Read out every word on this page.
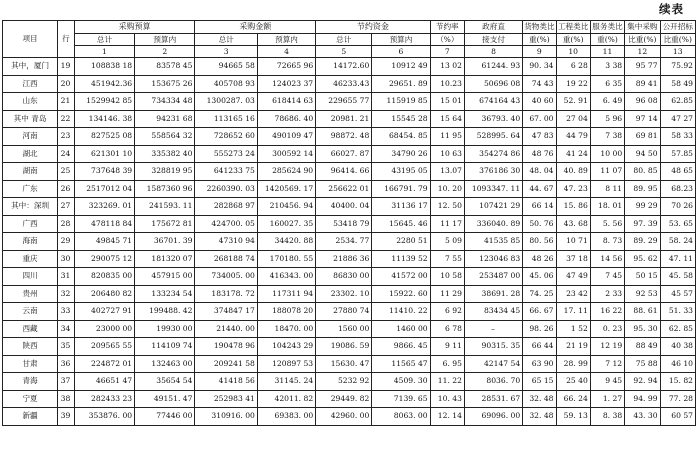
续表
项目	行	采购预算		采购金额		节约资金		节约率	政府直	货物类比	工程类比	服务类比	集中采购	公开招标
		总计	预算内	总计	预算内	总计	预算内	（%）	接支付	重(%)	重(%)	重(%)	比重(%)	比重(%)
		1	2	3	4	5	6	7	8	9	10	11	12	13
其中，厦门	19	108838 18	83578 45	94665 58	72665 96	14172.60	10912 49	13 02	61244. 93	90. 34	6 28	3 38	95 77	75.92
江西	20	451942.36	153675 26	405708 93	124023 37	46233.43	29651. 89	10.23	50696 08	74 43	19 22	6 35	89 41	58 49
山东	21	1529942 85	734334 48	1300287. 03	618414 63	229655 77	115919 85	15 01	674164 43	40 60	52. 91	6. 49	96 08	62.85
其中 青岛	22	134146. 38	94231 68	113165 16	78686. 40	20981. 21	15545 28	15 64	36793. 40	67. 00	27 04	5 96	97 14	47 27
河南	23	827525 08	558564 32	728652 60	490109 47	98872. 48	68454. 85	11 95	528995. 64	47 83	44 79	7 38	69 81	58 33
湖北	24	621301 10	335382 40	555273 24	300592 14	66027. 87	34790 26	10 63	354274 86	48 76	41 24	10 00	94 50	57.85
湖南	25	737648 39	328819 95	641233 75	285624 90	96414. 66	43195 05	13.07	376186 30	48. 04	40. 89	11 07	80. 85	48 65
广东	26	2517012 04	1587360 96	2260390. 03	1420569. 17	256622 01	166791. 79	10. 20	1093347. 11	44. 67	47. 23	8 11	89. 95	68.23
其中：深圳	27	323269. 01	241593. 11	282868 97	210456. 94	40400. 04	31136 17	12. 50	107421 29	66 14	15. 86	18. 01	99 29	70 26
广西	28	478118 84	175672 81	424700. 05	160027. 35	53418 79	15645. 46	11 17	336040. 89	50. 76	43. 68	5. 56	97. 39	53. 65
海南	29	49845 71	36701. 39	47310 94	34420. 88	2534. 77	2280 51	5 09	41535 85	80. 56	10 71	8. 73	89. 29	58. 24
重庆	30	290075 12	181320 07	268188 74	170180. 55	21886 36	11139 52	7 55	123046 83	48 26	37 18	14 56	95. 62	47. 11
四川	31	820835 00	457915 00	734005. 00	416343. 00	86830 00	41572 00	10 58	253487 00	45. 06	47 49	7 45	50 15	45. 58
贵州	32	206480 82	133234 54	183178. 72	117311 94	23302. 10	15922. 60	11 29	38691. 28	74. 25	23 42	2 33	92 53	45 57
云南	33	402727 91	199488. 42	374847 17	188078 20	27880 74	11410. 22	6 92	83434 45	66. 67	17. 11	16 22	88. 61	51. 33
西藏	34	23000 00	19930 00	21440. 00	18470. 00	1560 00	1460 00	6 78	–	98. 26	1 52	0. 23	95. 30	62. 85
陕西	35	209565 55	114109 74	190478 96	104243 29	19086. 59	9866. 45	9 11	90315. 35	66 44	21 19	12 19	88 49	40 38
甘肃	36	224872 01	132463 00	209241 58	120897 53	15630. 47	11565 47	6. 95	42147 54	63 90	28. 99	7 12	75 88	46 10
青海	37	46651 47	35654 54	41418 56	31145. 24	5232 92	4509. 30	11. 22	8036. 70	65 15	25 40	9 45	92. 94	15. 82
宁夏	38	282433 23	49151. 47	252983 41	42011. 82	29449. 82	7139. 65	10. 43	28531. 67	32. 48	66. 24	1. 27	94. 99	77. 28
新疆	39	353876. 00	77446 00	310916. 00	69383. 00	42960. 00	8063. 00	12. 14	69096. 00	32. 48	59. 13	8. 38	43. 30	60 57
